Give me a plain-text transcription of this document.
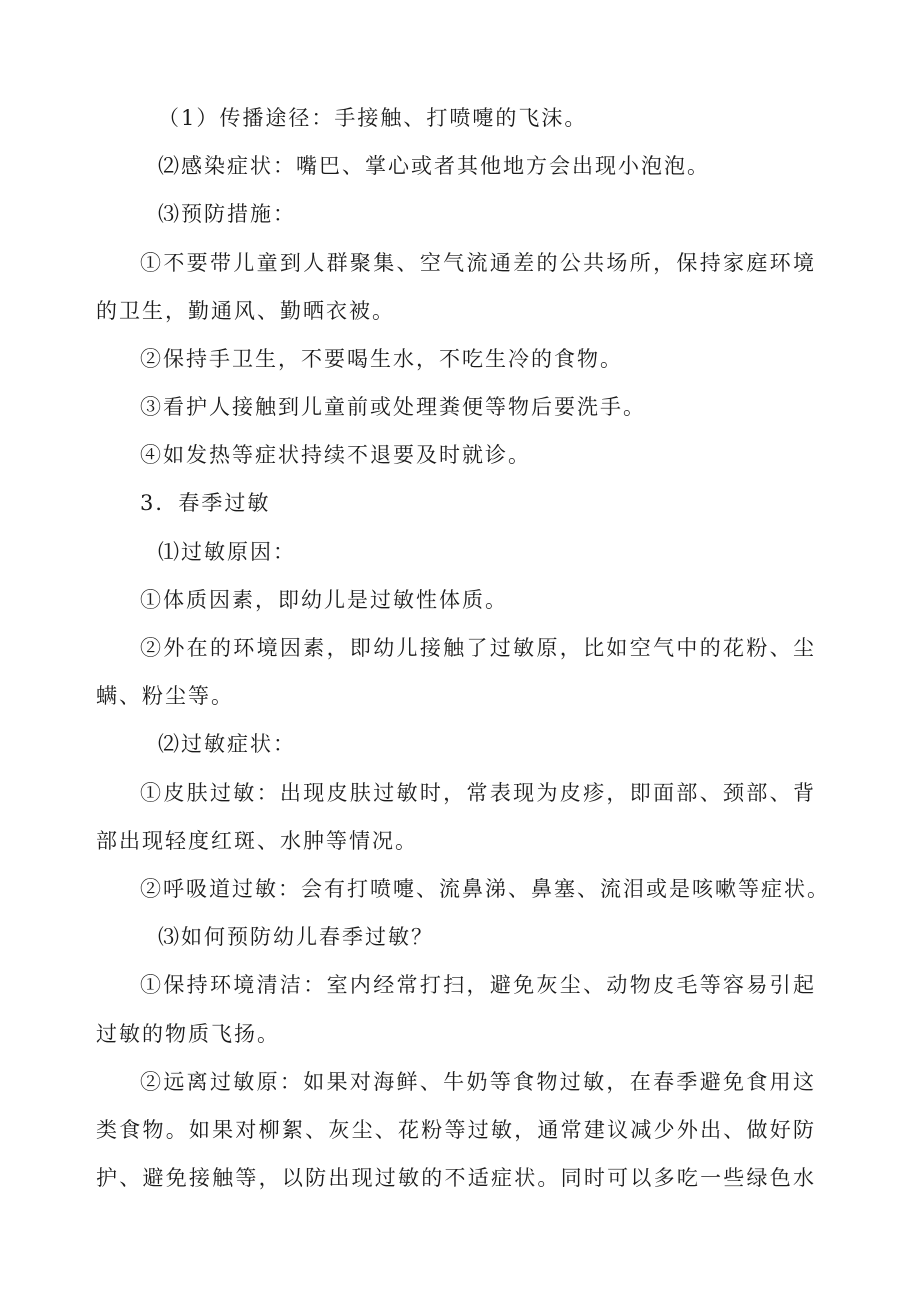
（1）传播途径：手接触、打喷嚏的飞沫。

⑵感染症状：嘴巴、掌心或者其他地方会出现小泡泡。

⑶预防措施：

①不要带儿童到人群聚集、空气流通差的公共场所，保持家庭环境

的卫生，勤通风、勤晒衣被。

②保持手卫生，不要喝生水，不吃生冷的食物。

③看护人接触到儿童前或处理粪便等物后要洗手。

④如发热等症状持续不退要及时就诊。

3．春季过敏

⑴过敏原因：

①体质因素，即幼儿是过敏性体质。

②外在的环境因素，即幼儿接触了过敏原，比如空气中的花粉、尘

螨、粉尘等。

⑵过敏症状：

①皮肤过敏：出现皮肤过敏时，常表现为皮疹，即面部、颈部、背

部出现轻度红斑、水肿等情况。

②呼吸道过敏：会有打喷嚏、流鼻涕、鼻塞、流泪或是咳嗽等症状。

⑶如何预防幼儿春季过敏？

①保持环境清洁：室内经常打扫，避免灰尘、动物皮毛等容易引起

过敏的物质飞扬。

②远离过敏原：如果对海鲜、牛奶等食物过敏，在春季避免食用这

类食物。如果对柳絮、灰尘、花粉等过敏，通常建议减少外出、做好防

护、避免接触等，以防出现过敏的不适症状。同时可以多吃一些绿色水
